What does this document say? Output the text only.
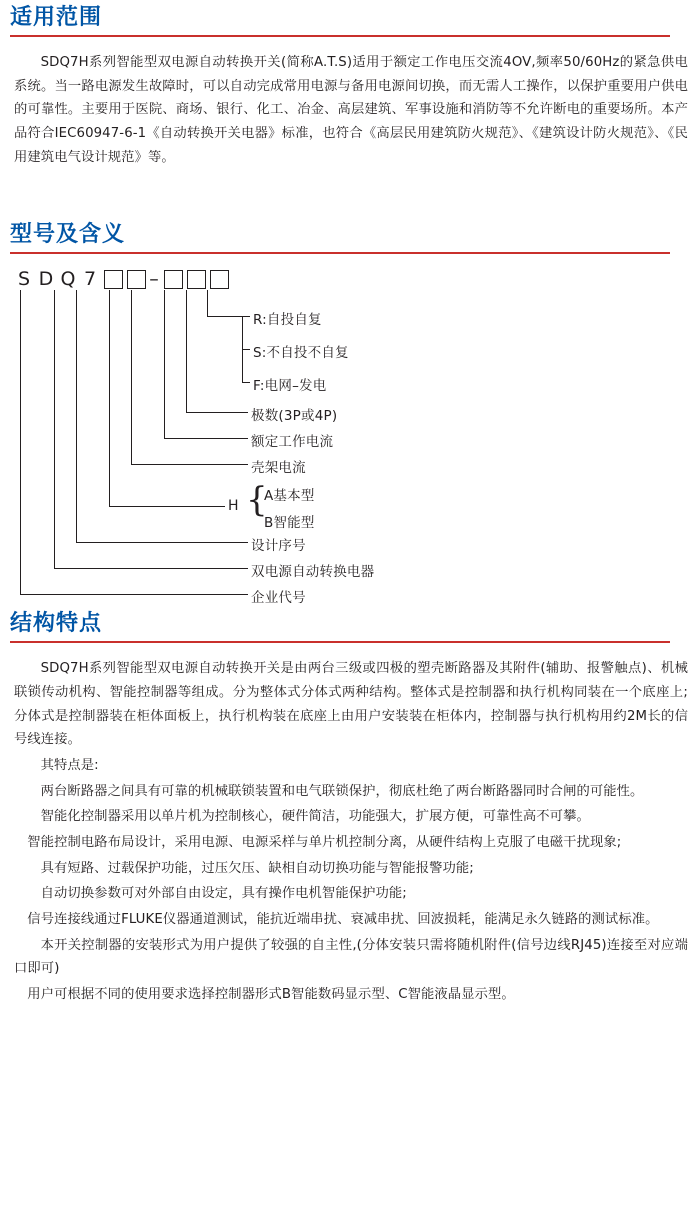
适用范围

SDQ7H系列智能型双电源自动转换开关(简称A.T.S)适用于额定工作电压交流4OV,频率50/60Hz的紧急供电系统。当一路电源发生故障时，可以自动完成常用电源与备用电源间切换，而无需人工操作，以保护重要用户供电的可靠性。主要用于医院、商场、银行、化工、冶金、高层建筑、军事设施和消防等不允许断电的重要场所。本产品符合IEC60947-6-1《自动转换开关电器》标准，也符合《高层民用建筑防火规范》、《建筑设计防火规范》、《民用建筑电气设计规范》等。

型号及含义
S D Q 7	–
R:自投自复
S:不自投不自复
F:电网–发电
极数(3P或4P)
额定工作电流
壳架电流
H {
A基本型
B智能型
设计序号
双电源自动转换电器
企业代号
结构特点

SDQ7H系列智能型双电源自动转换开关是由两台三级或四极的塑壳断路器及其附件(辅助、报警触点)、机械联锁传动机构、智能控制器等组成。分为整体式分体式两种结构。整体式是控制器和执行机构同装在一个底座上;分体式是控制器装在柜体面板上，执行机构装在底座上由用户安装装在柜体内，控制器与执行机构用约2M长的信号线连接。

其特点是:

两台断路器之间具有可靠的机械联锁装置和电气联锁保护，彻底杜绝了两台断路器同时合闸的可能性。

智能化控制器采用以单片机为控制核心，硬件简洁，功能强大，扩展方便，可靠性高不可攀。

智能控制电路布局设计，采用电源、电源采样与单片机控制分离，从硬件结构上克服了电磁干扰现象;

具有短路、过载保护功能，过压欠压、缺相自动切换功能与智能报警功能;

自动切换参数可对外部自由设定，具有操作电机智能保护功能;

信号连接线通过FLUKE仪器通道测试，能抗近端串扰、衰减串扰、回波损耗，能满足永久链路的测试标准。

本开关控制器的安装形式为用户提供了较强的自主性,(分体安装只需将随机附件(信号边线RJ45)连接至对应端口即可)

用户可根据不同的使用要求选择控制器形式B智能数码显示型、C智能液晶显示型。
